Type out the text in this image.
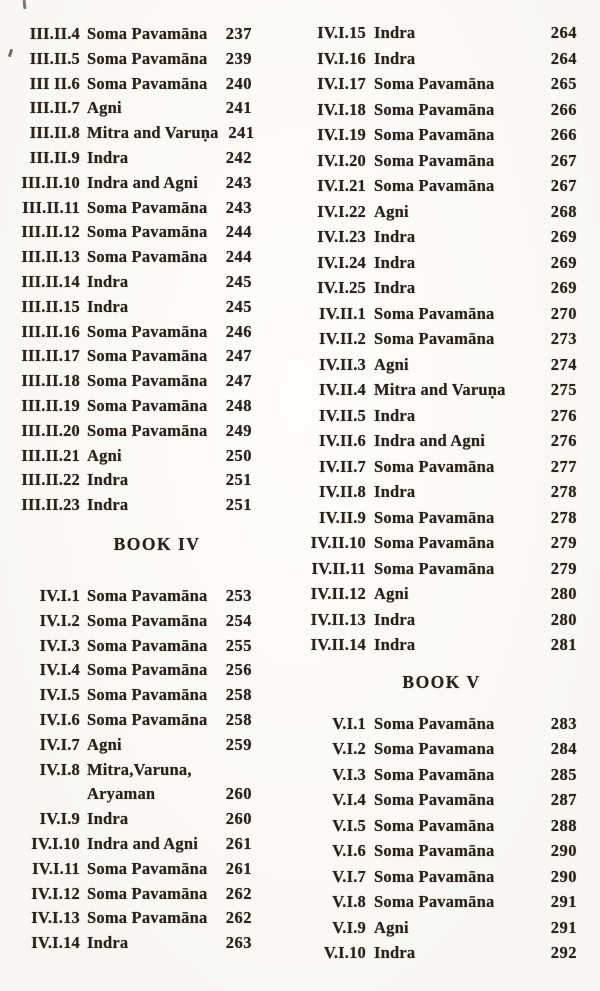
III.II.4 Soma Pavamāna	237
III.II.5 Soma Pavamāna	239
III II.6 Soma Pavamāna	240
III.II.7 Agni	241
III.II.8 Mitra and Varuṇa 241
III.II.9 Indra	242
III.II.10 Indra and Agni	243
III.II.11 Soma Pavamāna	243
III.II.12 Soma Pavamāna	244
III.II.13 Soma Pavamāna	244
III.II.14 Indra	245
III.II.15 Indra	245
III.II.16 Soma Pavamāna	246
III.II.17 Soma Pavamāna	247
III.II.18 Soma Pavamāna	247
III.II.19 Soma Pavamāna	248
III.II.20 Soma Pavamāna	249
III.II.21 Agni	250
III.II.22 Indra	251
III.II.23 Indra	251
BOOK IV
IV.I.1 Soma Pavamāna	253
IV.I.2 Soma Pavamāna	254
IV.I.3 Soma Pavamāna	255
IV.I.4 Soma Pavamāna	256
IV.I.5 Soma Pavamāna	258
IV.I.6 Soma Pavamāna	258
IV.I.7 Agni	259
IV.I.8 Mitra,Varuna,
Aryaman	260
IV.I.9 Indra	260
IV.I.10 Indra and Agni	261
IV.I.11 Soma Pavamāna	261
IV.I.12 Soma Pavamāna	262
IV.I.13 Soma Pavamāna	262
IV.I.14 Indra	263
IV.I.15 Indra	264
IV.I.16 Indra	264
IV.I.17 Soma Pavamāna	265
IV.I.18 Soma Pavamāna	266
IV.I.19 Soma Pavamāna	266
IV.I.20 Soma Pavamāna	267
IV.I.21 Soma Pavamāna	267
IV.I.22 Agni	268
IV.I.23 Indra	269
IV.I.24 Indra	269
IV.I.25 Indra	269
IV.II.1 Soma Pavamāna	270
IV.II.2 Soma Pavamāna	273
IV.II.3 Agni	274
IV.II.4 Mitra and Varuṇa	275
IV.II.5 Indra	276
IV.II.6 Indra and Agni	276
IV.II.7 Soma Pavamāna	277
IV.II.8 Indra	278
IV.II.9 Soma Pavamāna	278
IV.II.10 Soma Pavamāna	279
IV.II.11 Soma Pavamāna	279
IV.II.12 Agni	280
IV.II.13 Indra	280
IV.II.14 Indra	281
BOOK V
V.I.1 Soma Pavamāna	283
V.I.2 Soma Pavamana	284
V.I.3 Soma Pavamāna	285
V.I.4 Soma Pavamāna	287
V.I.5 Soma Pavamāna	288
V.I.6 Soma Pavamāna	290
V.I.7 Soma Pavamāna	290
V.I.8 Soma Pavamāna	291
V.I.9 Agni	291
V.I.10 Indra	292
